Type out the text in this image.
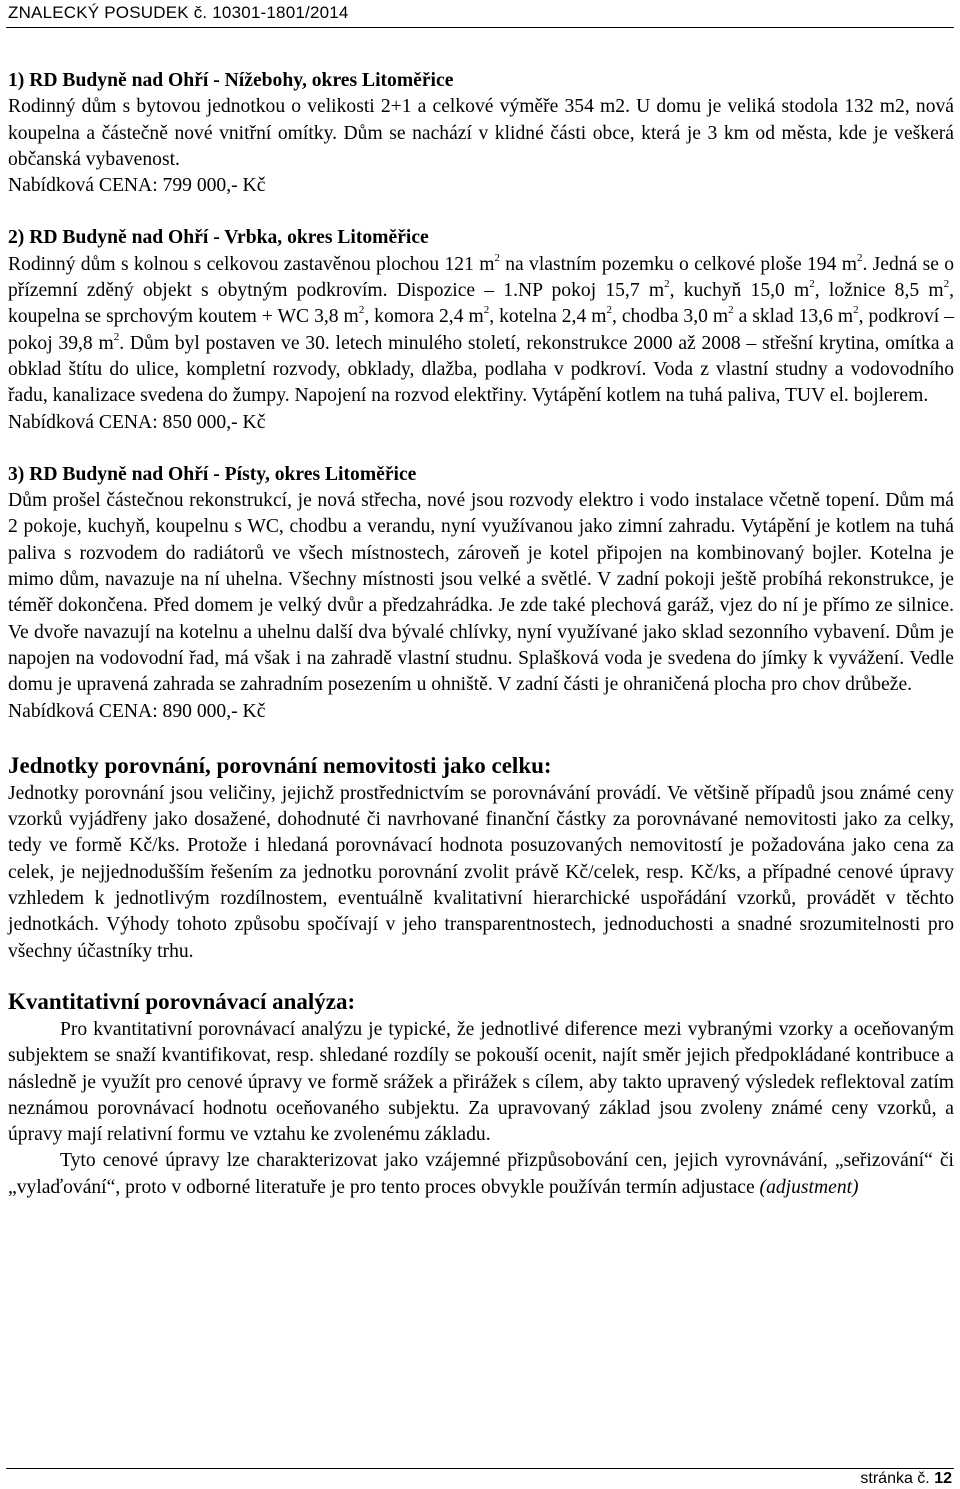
ZNALECKÝ POSUDEK č. 10301-1801/2014

1) RD Budyně nad Ohří - Nížebohy, okres Litoměřice

Rodinný dům s bytovou jednotkou o velikosti 2+1 a celkové výměře 354 m2. U domu je veliká stodola 132 m2, nová koupelna a částečně nové vnitřní omítky. Dům se nachází v klidné části obce, která je 3 km od města, kde je veškerá občanská vybavenost.

Nabídková CENA: 799 000,- Kč

2) RD Budyně nad Ohří - Vrbka, okres Litoměřice

Rodinný dům s kolnou s celkovou zastavěnou plochou 121 $m^2$ na vlastním pozemku o celkové ploše 194 $m^2$. Jedná se o přízemní zděný objekt s obytným podkrovím. Dispozice – 1.NP pokoj 15,7 $m^2$, kuchyň 15,0 $m^2$, ložnice 8,5 $m^2$, koupelna se sprchovým koutem + WC 3,8 $m^2$, komora 2,4 $m^2$, kotelna 2,4 $m^2$, chodba 3,0 $m^2$ a sklad 13,6 $m^2$, podkroví – pokoj 39,8 $m^2$. Dům byl postaven ve 30. letech minulého století, rekonstrukce 2000 až 2008 – střešní krytina, omítka a obklad štítu do ulice, kompletní rozvody, obklady, dlažba, podlaha v podkroví. Voda z vlastní studny a vodovodního řadu, kanalizace svedena do žumpy. Napojení na rozvod elektřiny. Vytápění kotlem na tuhá paliva, TUV el. bojlerem.

Nabídková CENA: 850 000,- Kč

3) RD Budyně nad Ohří - Písty, okres Litoměřice

Dům prošel částečnou rekonstrukcí, je nová střecha, nové jsou rozvody elektro i vodo instalace včetně topení. Dům má 2 pokoje, kuchyň, koupelnu s WC, chodbu a verandu, nyní využívanou jako zimní zahradu. Vytápění je kotlem na tuhá paliva s rozvodem do radiátorů ve všech místnostech, zároveň je kotel připojen na kombinovaný bojler. Kotelna je mimo dům, navazuje na ní uhelna. Všechny místnosti jsou velké a světlé. V zadní pokoji ještě probíhá rekonstrukce, je téměř dokončena. Před domem je velký dvůr a předzahrádka. Je zde také plechová garáž, vjez do ní je přímo ze silnice. Ve dvoře navazují na kotelnu a uhelnu další dva bývalé chlívky, nyní využívané jako sklad sezonního vybavení. Dům je napojen na vodovodní řad, má však i na zahradě vlastní studnu. Splašková voda je svedena do jímky k vyvážení. Vedle domu je upravená zahrada se zahradním posezením u ohniště. V zadní části je ohraničená plocha pro chov drůbeže.

Nabídková CENA: 890 000,- Kč

Jednotky porovnání, porovnání nemovitosti jako celku:

Jednotky porovnání jsou veličiny, jejichž prostřednictvím se porovnávání provádí. Ve většině případů jsou známé ceny vzorků vyjádřeny jako dosažené, dohodnuté či navrhované finanční částky za porovnávané nemovitosti jako za celky, tedy ve formě Kč/ks. Protože i hledaná porovnávací hodnota posuzovaných nemovitostí je požadována jako cena za celek, je nejjednodušším řešením za jednotku porovnání zvolit právě Kč/celek, resp. Kč/ks, a případné cenové úpravy vzhledem k jednotlivým rozdílnostem, eventuálně kvalitativní hierarchické uspořádání vzorků, provádět v těchto jednotkách. Výhody tohoto způsobu spočívají v jeho transparentnostech, jednoduchosti a snadné srozumitelnosti pro všechny účastníky trhu.

Kvantitativní porovnávací analýza:

Pro kvantitativní porovnávací analýzu je typické, že jednotlivé diference mezi vybranými vzorky a oceňovaným subjektem se snaží kvantifikovat, resp. shledané rozdíly se pokouší ocenit, najít směr jejich předpokládané kontribuce a následně je využít pro cenové úpravy ve formě srážek a přirážek s cílem, aby takto upravený výsledek reflektoval zatím neznámou porovnávací hodnotu oceňovaného subjektu. Za upravovaný základ jsou zvoleny známé ceny vzorků, a úpravy mají relativní formu ve vztahu ke zvolenému základu.

Tyto cenové úpravy lze charakterizovat jako vzájemné přizpůsobování cen, jejich vyrovnávání, „seřizování“ či „vylaďování“, proto v odborné literatuře je pro tento proces obvykle používán termín adjustace (adjustment)

stránka č. 12
